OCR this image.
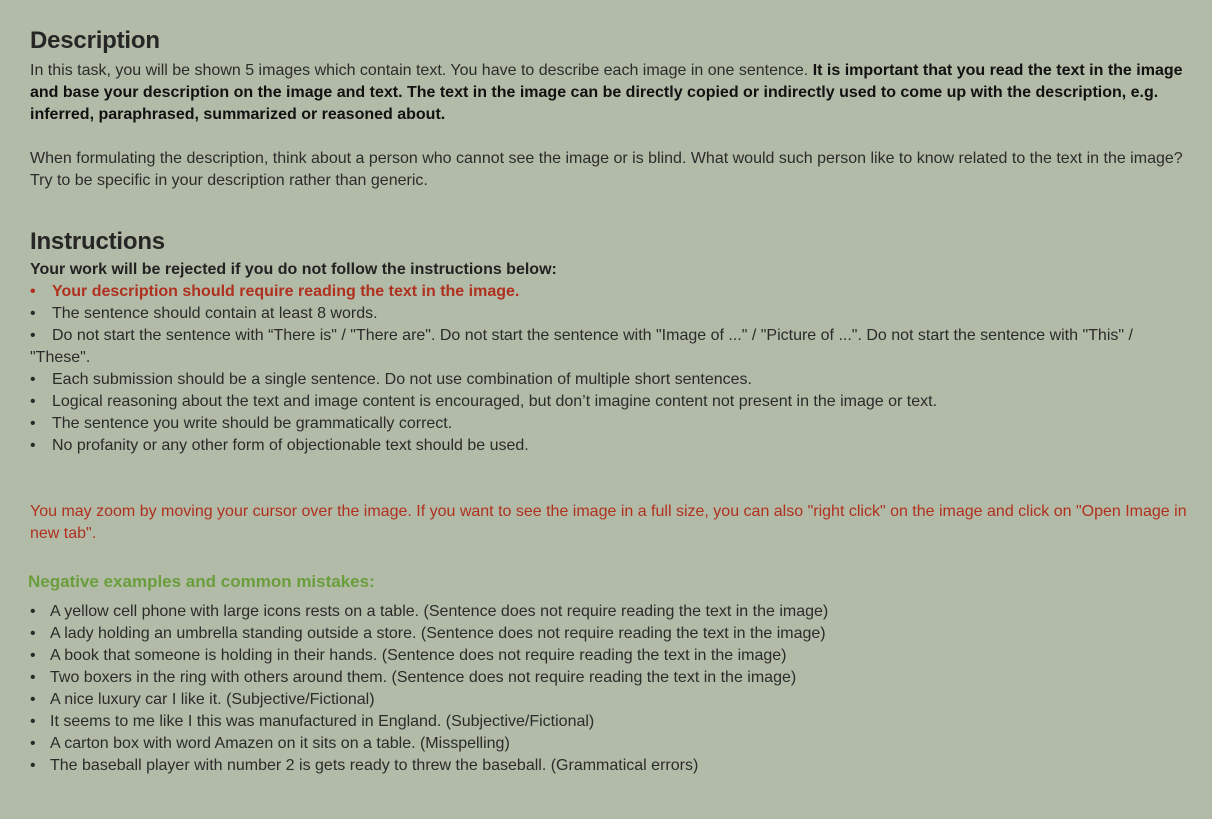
Description

In this task, you will be shown 5 images which contain text. You have to describe each image in one sentence. It is important that you read the text in the image and base your description on the image and text. The text in the image can be directly copied or indirectly used to come up with the description, e.g. inferred, paraphrased, summarized or reasoned about.

When formulating the description, think about a person who cannot see the image or is blind. What would such person like to know related to the text in the image? Try to be specific in your description rather than generic.

Instructions
Your work will be rejected if you do not follow the instructions below:
• Your description should require reading the text in the image.
• The sentence should contain at least 8 words.
• Do not start the sentence with “There is" / "There are". Do not start the sentence with "Image of ..." / "Picture of ...". Do not start the sentence with "This" / "These".
• Each submission should be a single sentence. Do not use combination of multiple short sentences.
• Logical reasoning about the text and image content is encouraged, but don’t imagine content not present in the image or text.
• The sentence you write should be grammatically correct.
• No profanity or any other form of objectionable text should be used.

You may zoom by moving your cursor over the image. If you want to see the image in a full size, you can also "right click" on the image and click on "Open Image in new tab".

Negative examples and common mistakes:
• A yellow cell phone with large icons rests on a table. (Sentence does not require reading the text in the image)
• A lady holding an umbrella standing outside a store. (Sentence does not require reading the text in the image)
• A book that someone is holding in their hands. (Sentence does not require reading the text in the image)
• Two boxers in the ring with others around them. (Sentence does not require reading the text in the image)
• A nice luxury car I like it. (Subjective/Fictional)
• It seems to me like I this was manufactured in England. (Subjective/Fictional)
• A carton box with word Amazen on it sits on a table. (Misspelling)
• The baseball player with number 2 is gets ready to threw the baseball. (Grammatical errors)
